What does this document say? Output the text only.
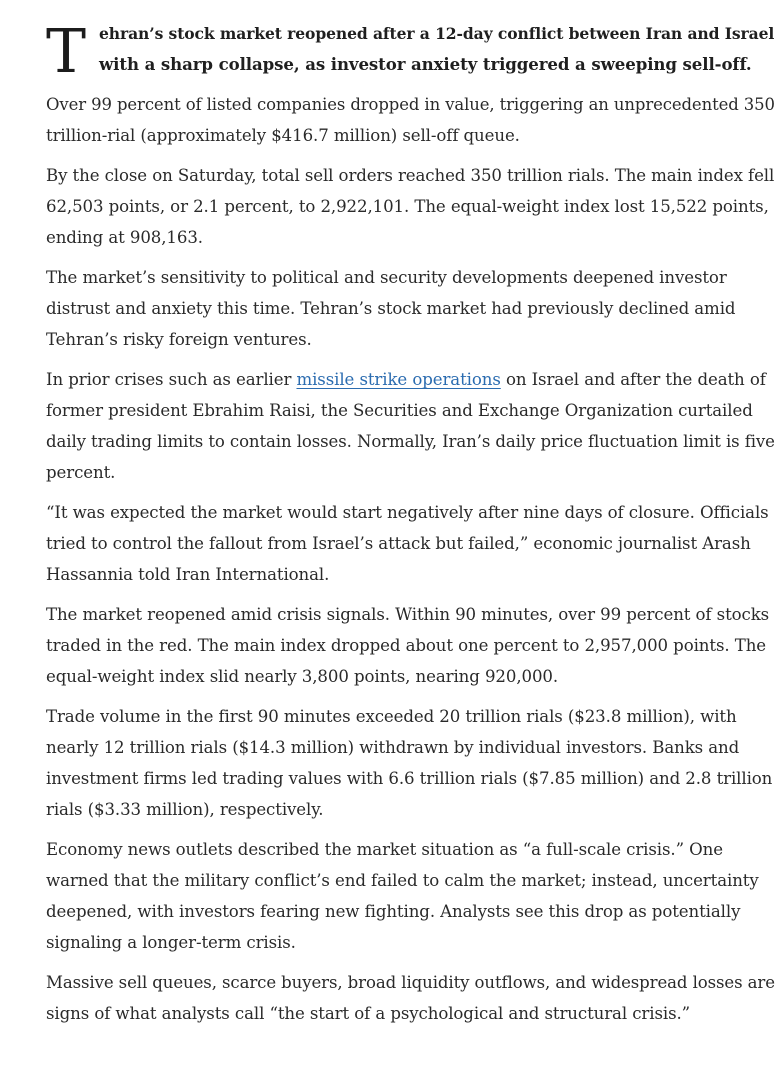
T ehran’s stock market reopened after a 12-day conflict between Iran and Israel
with a sharp collapse, as investor anxiety triggered a sweeping sell-off.

Over 99 percent of listed companies dropped in value, triggering an unprecedented 350
trillion-rial (approximately $416.7 million) sell-off queue.

By the close on Saturday, total sell orders reached 350 trillion rials. The main index fell
62,503 points, or 2.1 percent, to 2,922,101. The equal-weight index lost 15,522 points,
ending at 908,163.

The market’s sensitivity to political and security developments deepened investor
distrust and anxiety this time. Tehran’s stock market had previously declined amid
Tehran’s risky foreign ventures.

In prior crises such as earlier missile strike operations on Israel and after the death of
former president Ebrahim Raisi, the Securities and Exchange Organization curtailed
daily trading limits to contain losses. Normally, Iran’s daily price fluctuation limit is five
percent.

“It was expected the market would start negatively after nine days of closure. Officials
tried to control the fallout from Israel’s attack but failed,” economic journalist Arash
Hassannia told Iran International.

The market reopened amid crisis signals. Within 90 minutes, over 99 percent of stocks
traded in the red. The main index dropped about one percent to 2,957,000 points. The
equal-weight index slid nearly 3,800 points, nearing 920,000.

Trade volume in the first 90 minutes exceeded 20 trillion rials ($23.8 million), with
nearly 12 trillion rials ($14.3 million) withdrawn by individual investors. Banks and
investment firms led trading values with 6.6 trillion rials ($7.85 million) and 2.8 trillion
rials ($3.33 million), respectively.

Economy news outlets described the market situation as “a full-scale crisis.” One
warned that the military conflict’s end failed to calm the market; instead, uncertainty
deepened, with investors fearing new fighting. Analysts see this drop as potentially
signaling a longer-term crisis.

Massive sell queues, scarce buyers, broad liquidity outflows, and widespread losses are
signs of what analysts call “the start of a psychological and structural crisis.”
